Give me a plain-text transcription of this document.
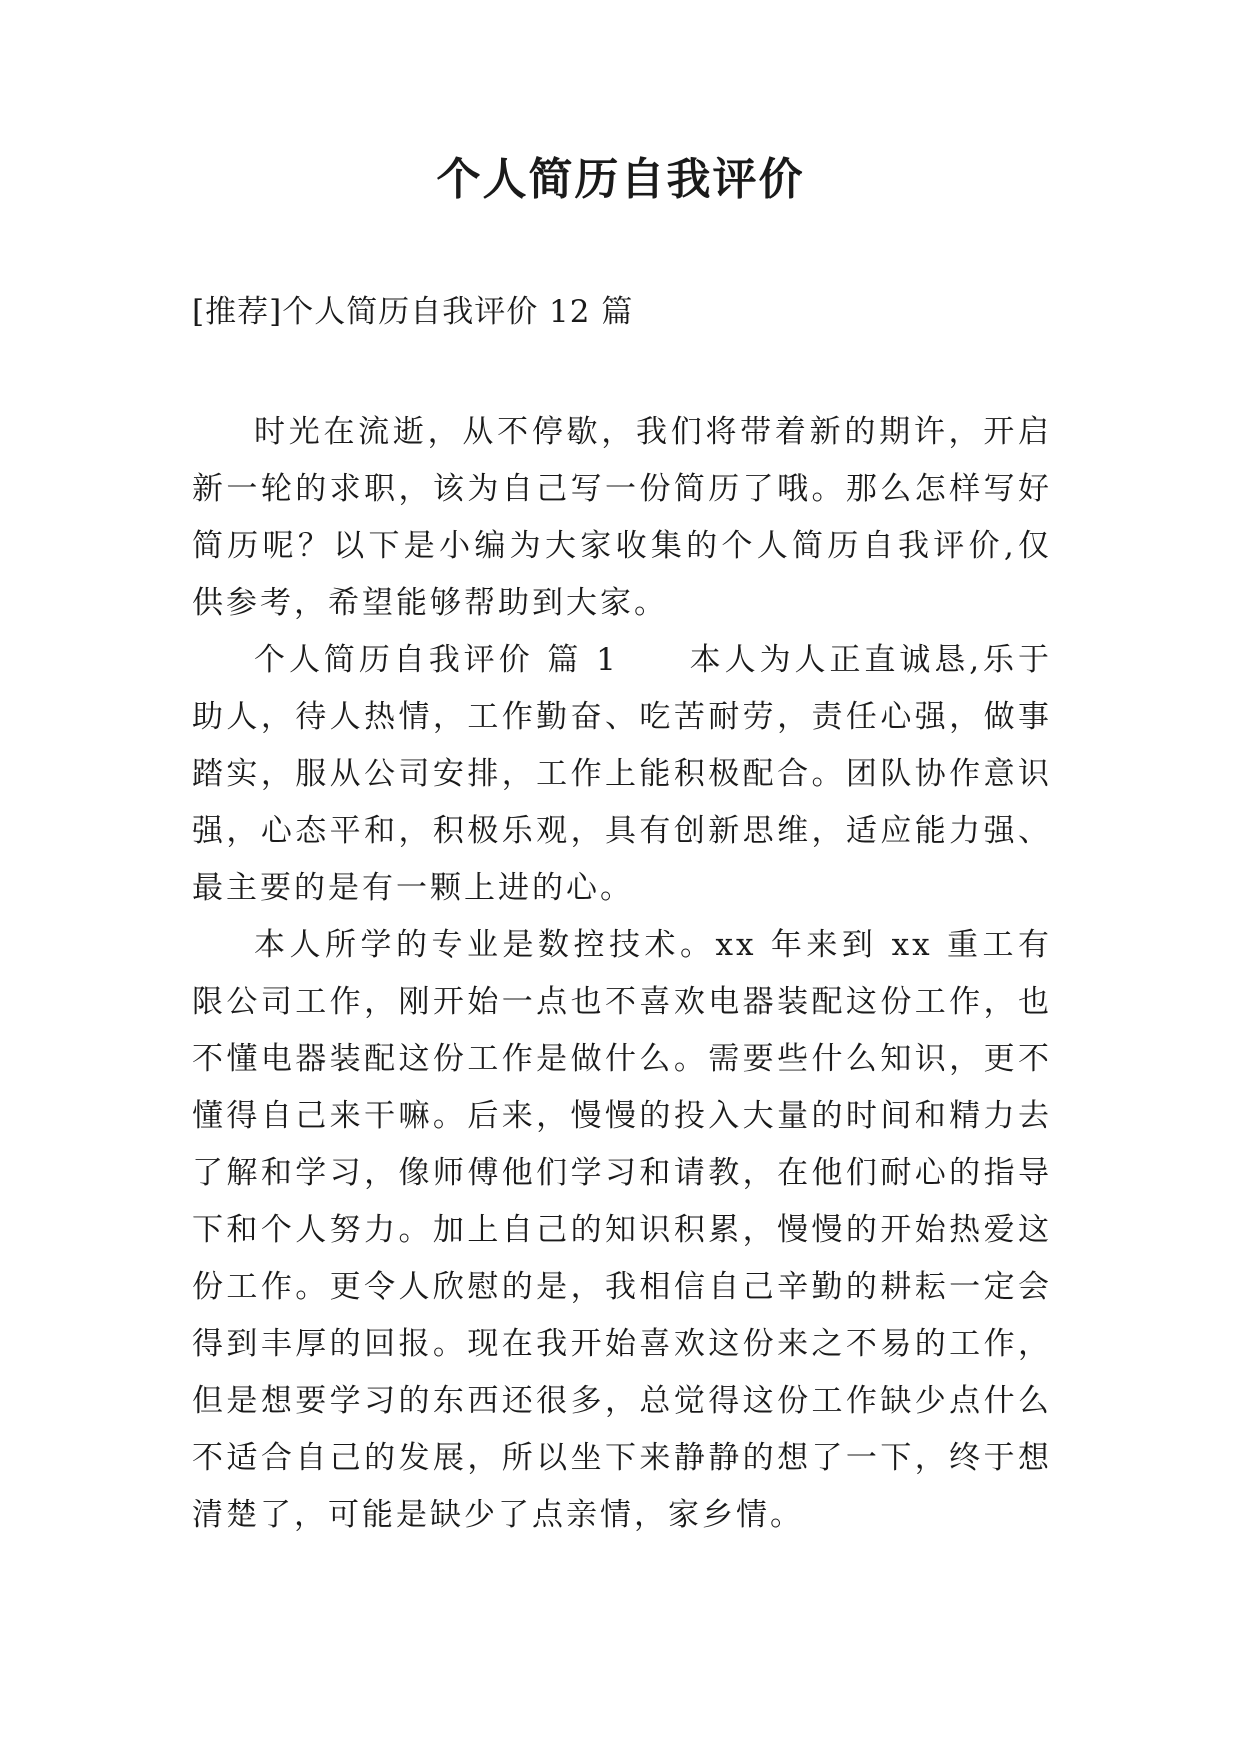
个人简历自我评价

[推荐]个人简历自我评价 12 篇

时光在流逝，从不停歇，我们将带着新的期许，开启新一轮的求职，该为自己写一份简历了哦。那么怎样写好简历呢？以下是小编为大家收集的个人简历自我评价,仅供参考，希望能够帮助到大家。

个人简历自我评价 篇 1　　本人为人正直诚恳,乐于助人，待人热情，工作勤奋、吃苦耐劳，责任心强，做事踏实，服从公司安排，工作上能积极配合。团队协作意识强，心态平和，积极乐观，具有创新思维，适应能力强、最主要的是有一颗上进的心。

本人所学的专业是数控技术。xx 年来到 xx 重工有限公司工作，刚开始一点也不喜欢电器装配这份工作，也不懂电器装配这份工作是做什么。需要些什么知识，更不懂得自己来干嘛。后来，慢慢的投入大量的时间和精力去了解和学习，像师傅他们学习和请教，在他们耐心的指导下和个人努力。加上自己的知识积累，慢慢的开始热爱这份工作。更令人欣慰的是，我相信自己辛勤的耕耘一定会得到丰厚的回报。现在我开始喜欢这份来之不易的工作，但是想要学习的东西还很多，总觉得这份工作缺少点什么不适合自己的发展，所以坐下来静静的想了一下，终于想清楚了，可能是缺少了点亲情，家乡情。
